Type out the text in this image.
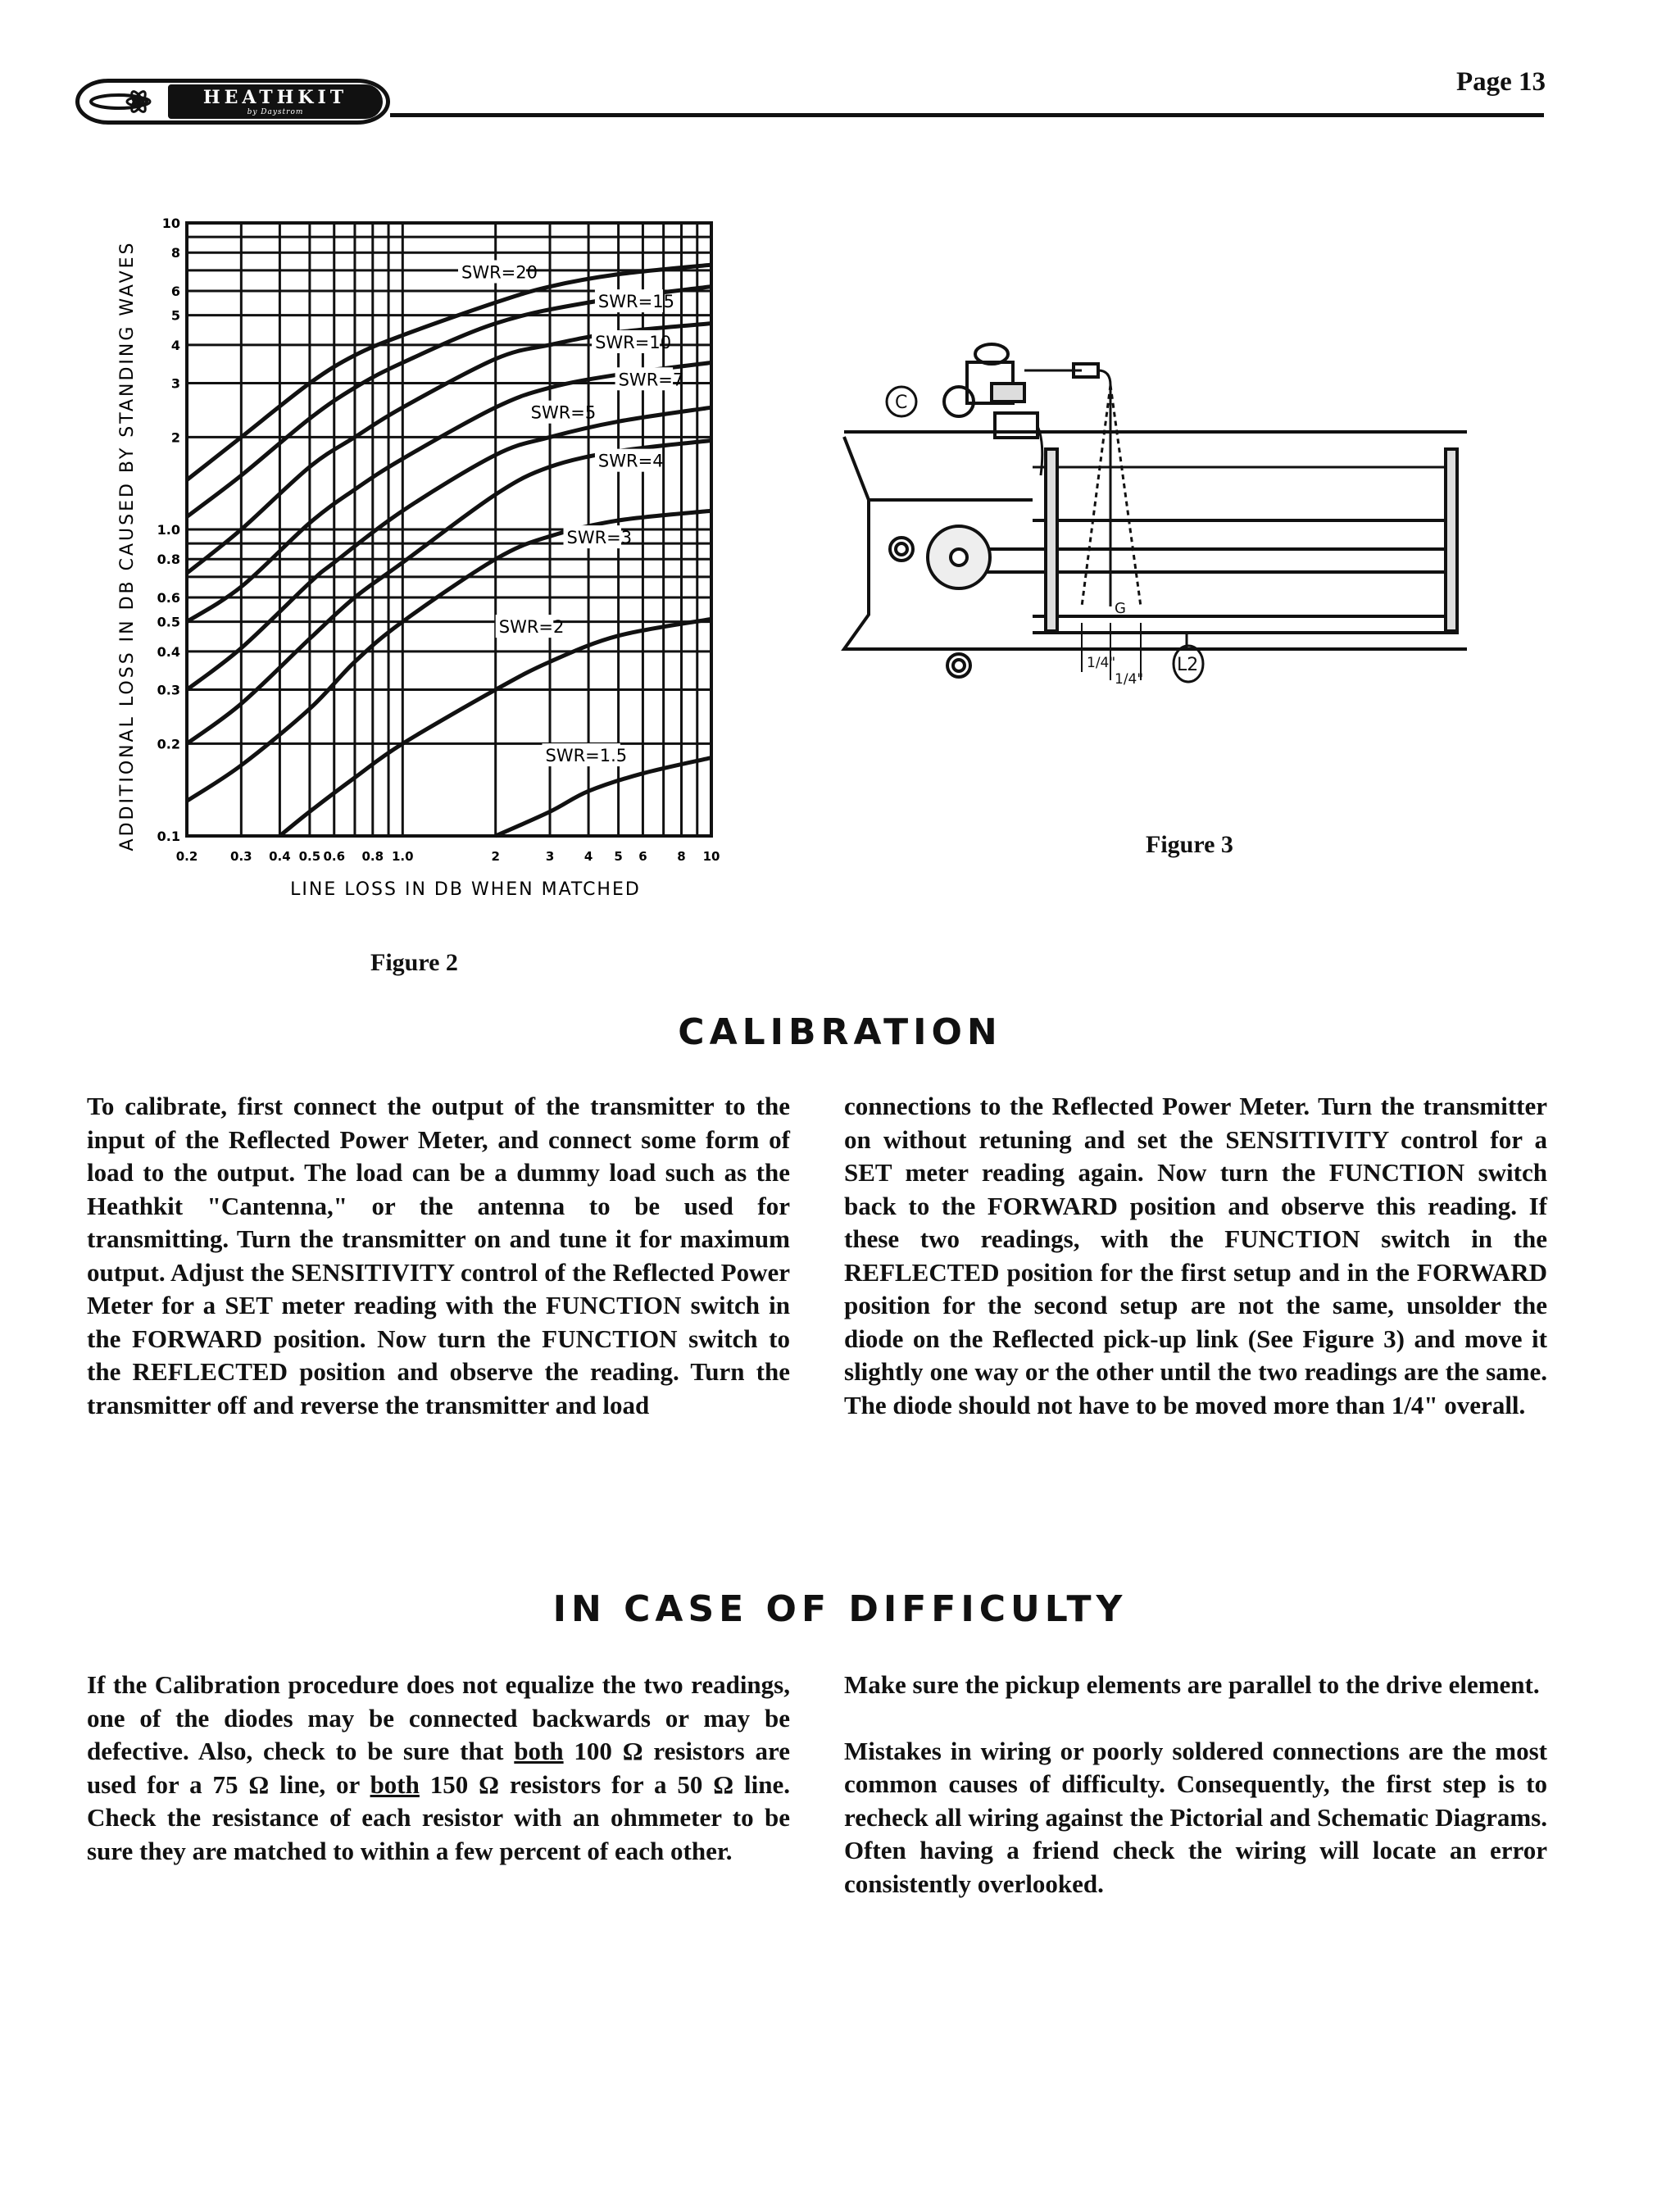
HEATHKIT
by Daystrom
Page 13
0.2	0.3 0.4 0.5 0.6 0.8 1.0	2	3 4 5 6 8 10
0.1
0.2
0.3
0.4
0.5
0.6
0.8
1.0
2
3
4
5
6
8
10
LINE LOSS IN DB WHEN MATCHED
ADDITIONAL LOSS IN DB CAUSED BY STANDING WAVES	SWR=20
SWR=15
SWR=10
SWR=7
SWR=5
SWR=4
SWR=3
SWR=2
SWR=1.5
Figure 2
C
L2
G
1/4"
1/4"
Figure 3
CALIBRATION

To calibrate, first connect the output of the transmitter to the input of the Reflected Power Meter, and connect some form of load to the output. The load can be a dummy load such as the Heathkit "Cantenna," or the antenna to be used for transmitting. Turn the transmitter on and tune it for maximum output. Adjust the SENSITIVITY control of the Reflected Power Meter for a SET meter reading with the FUNCTION switch in the FORWARD position. Now turn the FUNCTION switch to the REFLECTED position and observe the reading. Turn the transmitter off and reverse the transmitter and load

connections to the Reflected Power Meter. Turn the transmitter on without retuning and set the SENSITIVITY control for a SET meter reading again. Now turn the FUNCTION switch back to the FORWARD position and observe this reading. If these two readings, with the FUNCTION switch in the REFLECTED position for the first setup and in the FORWARD position for the second setup are not the same, unsolder the diode on the Reflected pick-up link (See Figure 3) and move it slightly one way or the other until the two readings are the same. The diode should not have to be moved more than 1/4" overall.

IN CASE OF DIFFICULTY

If the Calibration procedure does not equalize the two readings, one of the diodes may be connected backwards or may be defective. Also, check to be sure that both 100 Ω resistors are used for a 75 Ω line, or both 150 Ω resistors for a 50 Ω line. Check the resistance of each resistor with an ohmmeter to be sure they are matched to within a few percent of each other.

Make sure the pickup elements are parallel to the drive element.

Mistakes in wiring or poorly soldered connections are the most common causes of difficulty. Consequently, the first step is to recheck all wiring against the Pictorial and Schematic Diagrams. Often having a friend check the wiring will locate an error consistently overlooked.
